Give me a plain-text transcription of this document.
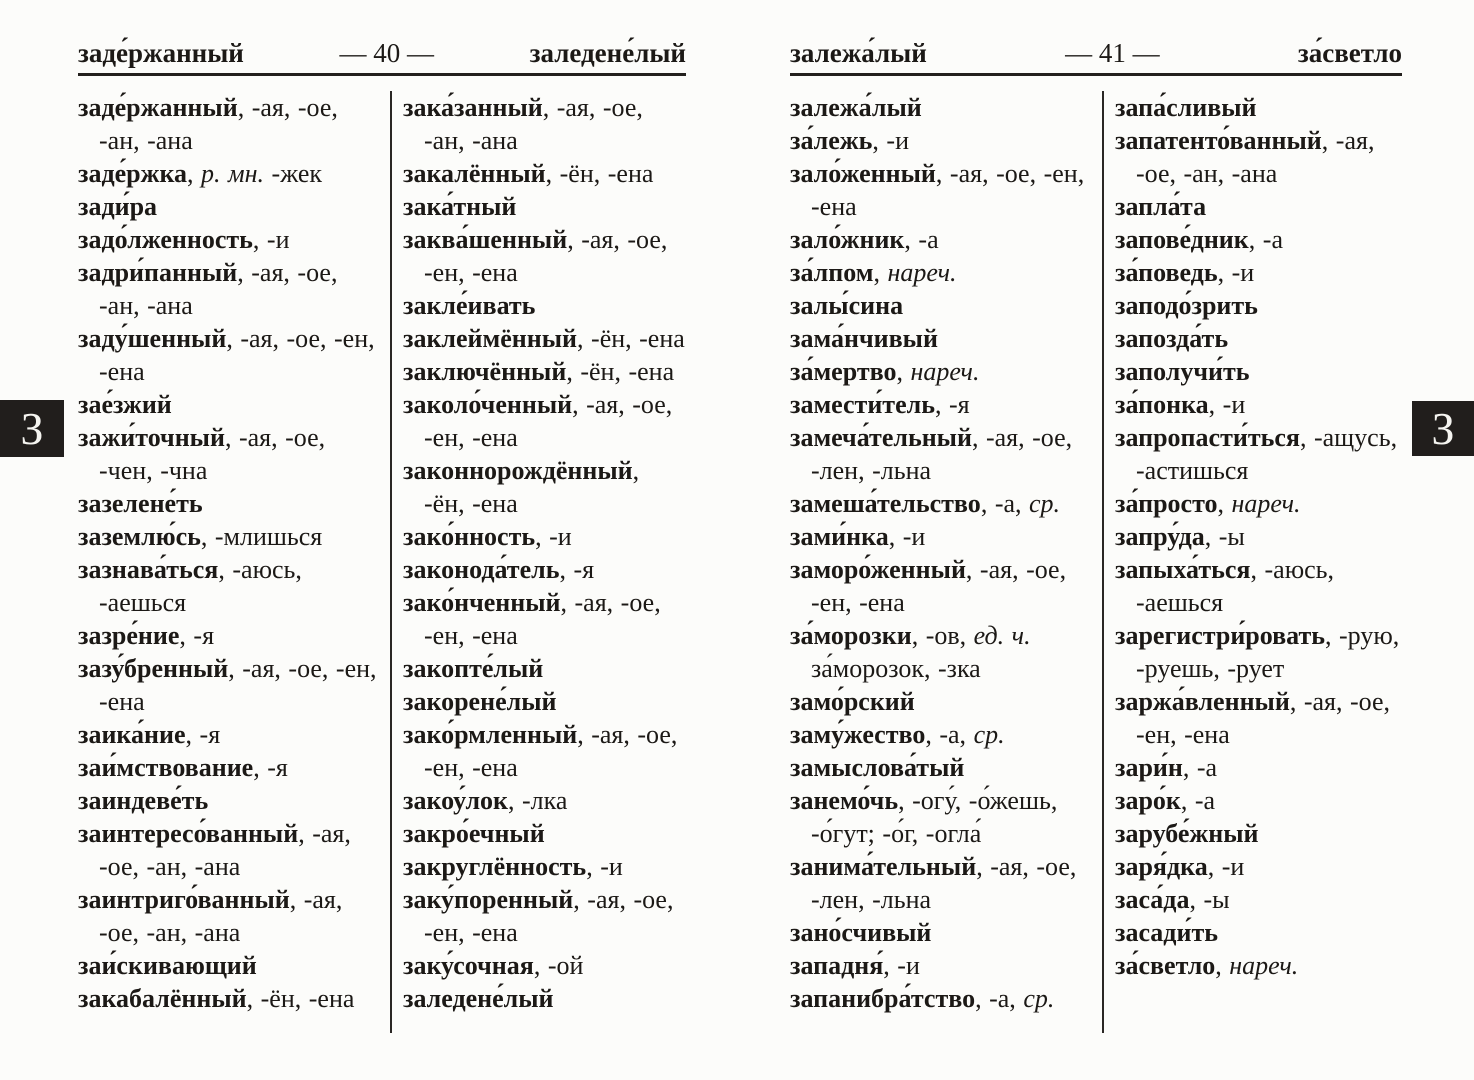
З	З
заде́ржанный	— 40 —	заледене́лый
заде́ржанный, -ая, -ое, -ан, -ана
заде́ржка, р. мн. -жек
зади́ра
задо́лженность, -и
задри́панный, -ая, -ое, -ан, -ана
заду́шенный, -ая, -ое, -ен, -ена
зае́зжий
зажи́точный, -ая, -ое, -чен, -чна
зазелене́ть
заземлю́сь, -млишься
зазнава́ться, -аюсь, -аешься
зазре́ние, -я
зазу́бренный, -ая, -ое, -ен, -ена
заика́ние, -я
заи́мствование, -я
заиндеве́ть
заинтересо́ванный, -ая, -ое, -ан, -ана
заинтриго́ванный, -ая, -ое, -ан, -ана
заи́скивающий
закабалённый, -ён, -ена
зака́занный, -ая, -ое, -ан, -ана
закалённый, -ён, -ена
зака́тный
заква́шенный, -ая, -ое, -ен, -ена
закле́ивать
заклеймённый, -ён, -ена
заключённый, -ён, -ена
заколо́ченный, -ая, -ое, -ен, -ена
законнорождённый, -ён, -ена
зако́нность, -и
законода́тель, -я
зако́нченный, -ая, -ое, -ен, -ена
закопте́лый
закорене́лый
зако́рмленный, -ая, -ое, -ен, -ена
закоу́лок, -лка
закро́ечный
закруглённость, -и
заку́поренный, -ая, -ое, -ен, -ена
заку́сочная, -ой
заледене́лый
залежа́лый	— 41 —	за́светло
залежа́лый
за́лежь, -и
зало́женный, -ая, -ое, -ен, -ена
зало́жник, -а
за́лпом, нареч.
залы́сина
зама́нчивый
за́мертво, нареч.
замести́тель, -я
замеча́тельный, -ая, -ое, -лен, -льна
замеша́тельство, -а, ср.
зами́нка, -и
заморо́женный, -ая, -ое, -ен, -ена
за́морозки, -ов, ед. ч. за́морозок, -зка
замо́рский
заму́жество, -а, ср.
замыслова́тый
занемо́чь, -огу́, -о́жешь, -о́гут; -о́г, -огла́
занима́тельный, -ая, -ое, -лен, -льна
зано́счивый
западня́, -и
запанибра́тство, -а, ср.
запа́сливый
запатенто́ванный, -ая, -ое, -ан, -ана
запла́та
запове́дник, -а
за́поведь, -и
заподо́зрить
запозда́ть
заполучи́ть
за́понка, -и
запропасти́ться, -ащусь, -астишься
за́просто, нареч.
запру́да, -ы
запыха́ться, -аюсь, -аешься
зарегистри́ровать, -рую, -руешь, -рует
заржа́вленный, -ая, -ое, -ен, -ена
зари́н, -а
заро́к, -а
зарубе́жный
заря́дка, -и
заса́да, -ы
засади́ть
за́светло, нареч.
